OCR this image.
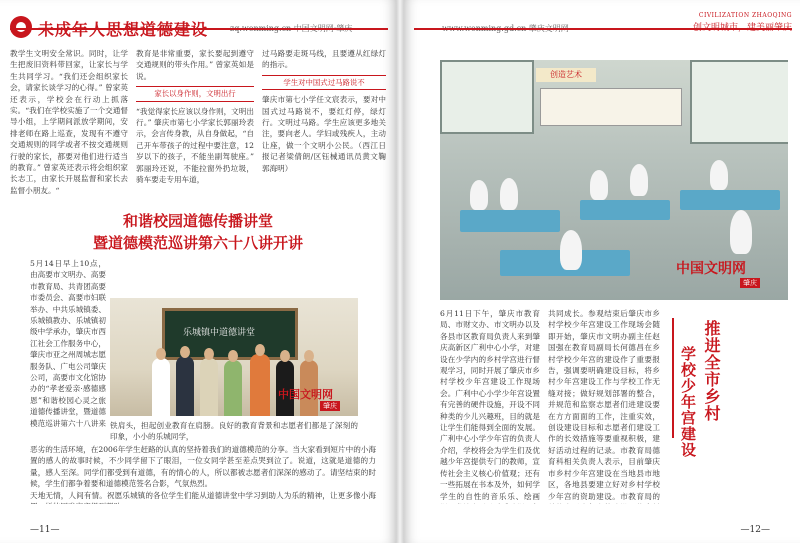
教学生文明安全常识。同时，让学生把废旧资料带回家，让家长与学生共同学习。“我们还会组织家长会，请家长谈学习的心得。” 曾家英还表示，学校会在行动上抓落实。“我们在学校实施了一个交通督导小组，上学期间派放学期间，安排老师在路上巡查，发现有不遵守交通规则的同学或者不按交通规则行驶的家长，都要对他们进行适当的教育。” 曾家英还表示将会组织家长志工，由家长开展监督和家长去监督小朋友。“

教育是非常重要，家长要起到遵守交通规则的带头作用。” 曾家英如是说。

家长以身作则，文明出行

“我觉得家长应该以身作则，文明出行。” 肇庆市第七小学家长郭丽玲表示，会言传身教，从自身做起，“自己开车带孩子的过程中要注意，12岁以下的孩子，不能坐副驾驶座。” 郭丽玲还说，不能拉窗外扔垃圾，骑车要走专用车道，

过马路要走斑马线，且要遵从红绿灯的指示。

学生对中国式过马路说不

肇庆市第七小学任文宸表示，要对中国式过马路说不，要红灯停，绿灯行。文明过马路。学生应该更多地关注，要向老人。学妇或残疾人，主动让座，做一个文明小公民。（西江日报记者梁倩朗/区钰械通讯员黄文鞠郭海明）

和谐校园道德传播讲堂
暨道德模范巡讲第六十八讲开讲

5月14日早上10点，由高要市文明办、高要市教育局、共青团高要市委员会、高要市妇联举办、中共乐城镇委、乐城镇教办、乐城镇初级中学承办，肇庆市西江社会工作服务中心，肇庆市亚之州周城志愿服务队、广电公司肇庆公司，高要市文化馆协办的“孝老爱亲·感德感恩”和谐校园心灵之旅道德传播讲堂，暨道德模范巡讲第六十八讲来

乐城镇中道德讲堂
中国文明网
肇庆

铁肩头，担起创业教育在肩膀。良好的教育背景和志愿者们都是了深刻的印象，小小的乐城同学，

恶劣的生活环境，在2006年学生赶路的认真的坚持着我们的道德模范的分享。当大家看到短片中的小海置的感人的故事时候，不少同学留下了眼泪，一位女同学甚至差点哭到泣了。说道，这就是道德的力量，感人至深。同学们都受到有道德，有的情心的人，所以都被志愿者们深深的感动了。请坚结束的时候，学生们都争着要和道德模范签名合影，气氛热烈。

天地无情，人间有情。祝愿乐城镇的各位学生们能从道德讲堂中学习到助人为乐的精神，让更多像小海

—11—
CIVILIZATION ZHAOQING
创造艺术
中国文明网
肇庆

6月11日下午，肇庆市教育局、市财文办、市文明办以及各县市区教育局负责人来到肇庆高新区广利中心小学，对建设在少学内的乡村学宫进行督观学习，同时开展了肇庆市乡村学校少年宫建设工作现场会。广利中心小学少年宫设置有完善的硬件设施，开设不同种类的少儿兴趣班，目的就是让学生们能得到全面的发展。广利中心小学少年宫的负责人介绍，学校将会为学生们及优越少年宫提供专门的教师，宣传社会主义核心价值观；还有一些拓展在书本及外，如何学学生的自性的音乐乐、绘画

共同成长。参观结束后肇庆市乡村学校少年宫建设工作现场会随即开始，肇庆市文明办副主任赵国强在教育局副局长何德昌在乡村学校少年宫的建设作了重要报告，强调要明确建设目标，将乡村少年宫建设工作与学校工作无缝对接；做好规划部署的整合，并规范和监察志愿者们进建设要在方方面面的工作，注重实效，创设建设目标和志愿者们建设工作的长效措施等要重视积极，建好活动过程的记录。市教育局德育科相关负责人表示，目前肇庆市乡村少年宫建设在当地县市地区，各地县要建立好对乡村学校少年宫的资助建设。市教育局的

推进全市乡村
学校少年宫建设
—12—
